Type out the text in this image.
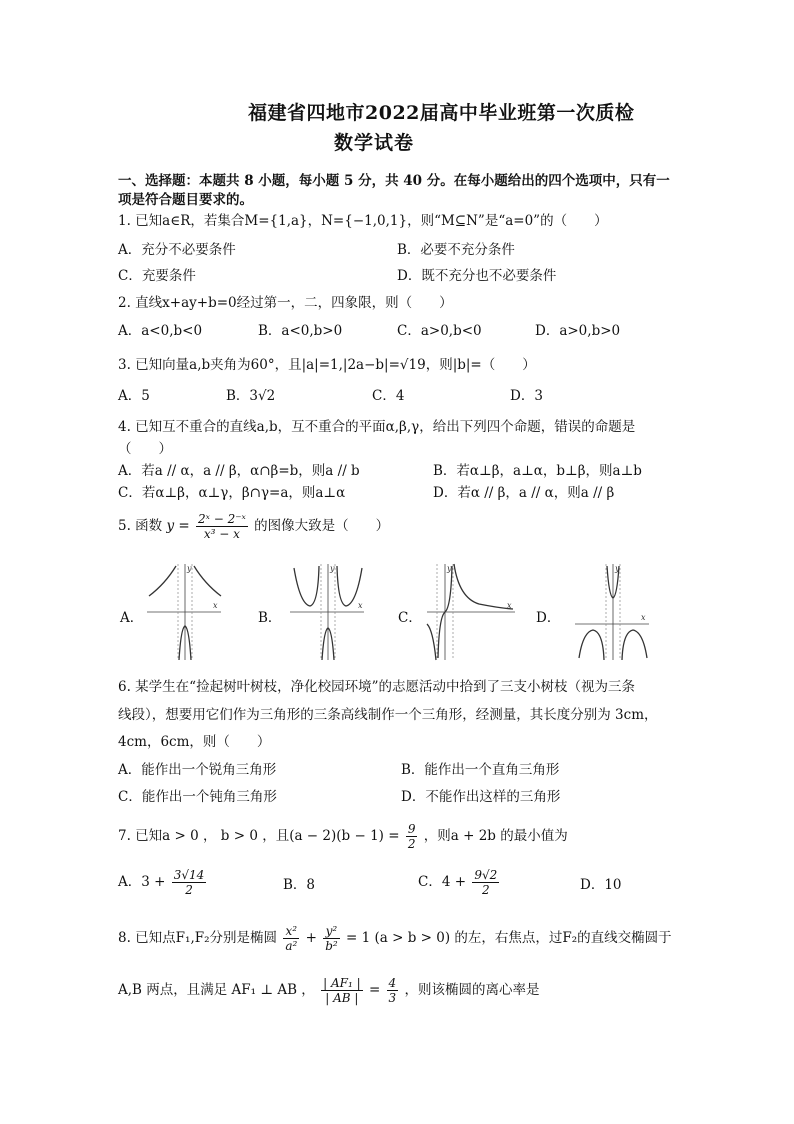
福建省四地市2022届高中毕业班第一次质检
数学试卷
一、选择题：本题共 8 小题，每小题 5 分，共 40 分。在每小题给出的四个选项中，只有一
项是符合题目要求的。
1. 已知a∈R，若集合M={1,a}，N={−1,0,1}，则“M⊆N”是“a=0”的（　　）
A．充分不必要条件	B．必要不充分条件
C．充要条件	D．既不充分也不必要条件
2. 直线x+ay+b=0经过第一，二，四象限，则（　　）
A．a<0,b<0	B．a<0,b>0	C．a>0,b<0	D．a>0,b>0
3. 已知向量a,b夹角为60°，且|a|=1,|2a−b|=√19，则|b|=（　　）
A．5	B．3√2	C．4	D．3
4. 已知互不重合的直线a,b，互不重合的平面α,β,γ，给出下列四个命题，错误的命题是
（　　）
A．若a // α，a // β，α∩β=b，则a // b	B．若α⊥β，a⊥α，b⊥β，则a⊥b
C．若α⊥β，α⊥γ，β∩γ=a，则a⊥α	D．若α // β，a // α，则a // β
5. 函数 $y = \frac{\text{2ˣ − 2⁻ˣ}}{\text{x³ − x}}$ 的图像大致是（　　）
A．	B．	C．	D．
x
y
x
y
x
y
x
y
6. 某学生在“捡起树叶树枝，净化校园环境”的志愿活动中拾到了三支小树枝（视为三条
线段），想要用它们作为三角形的三条高线制作一个三角形，经测量，其长度分别为 3cm，
4cm，6cm，则（　　）
A．能作出一个锐角三角形	B．能作出一个直角三角形
C．能作出一个钝角三角形	D．不能作出这样的三角形
7. 已知a > 0 ， b > 0 ，且$(a - 2)(b - 1) = \frac{9}{2}$ ，则a + 2b 的最小值为
A．$3 + \frac{3√14}{2}$	B．8	C．$4 + \frac{9√2}{2}$	D．10
8. 已知点F₁,F₂分别是椭圆 $\frac{\text{x²}}{\text{a²}} + \frac{\text{y²}}{\text{b²}} = 1$ (a > b > 0) 的左，右焦点，过F₂的直线交椭圆于
A,B 两点，且满足 AF₁ ⊥ AB ， $\frac{\text{| AF₁ |}}{| AB |} = \frac{4}{3}$ ，则该椭圆的离心率是
